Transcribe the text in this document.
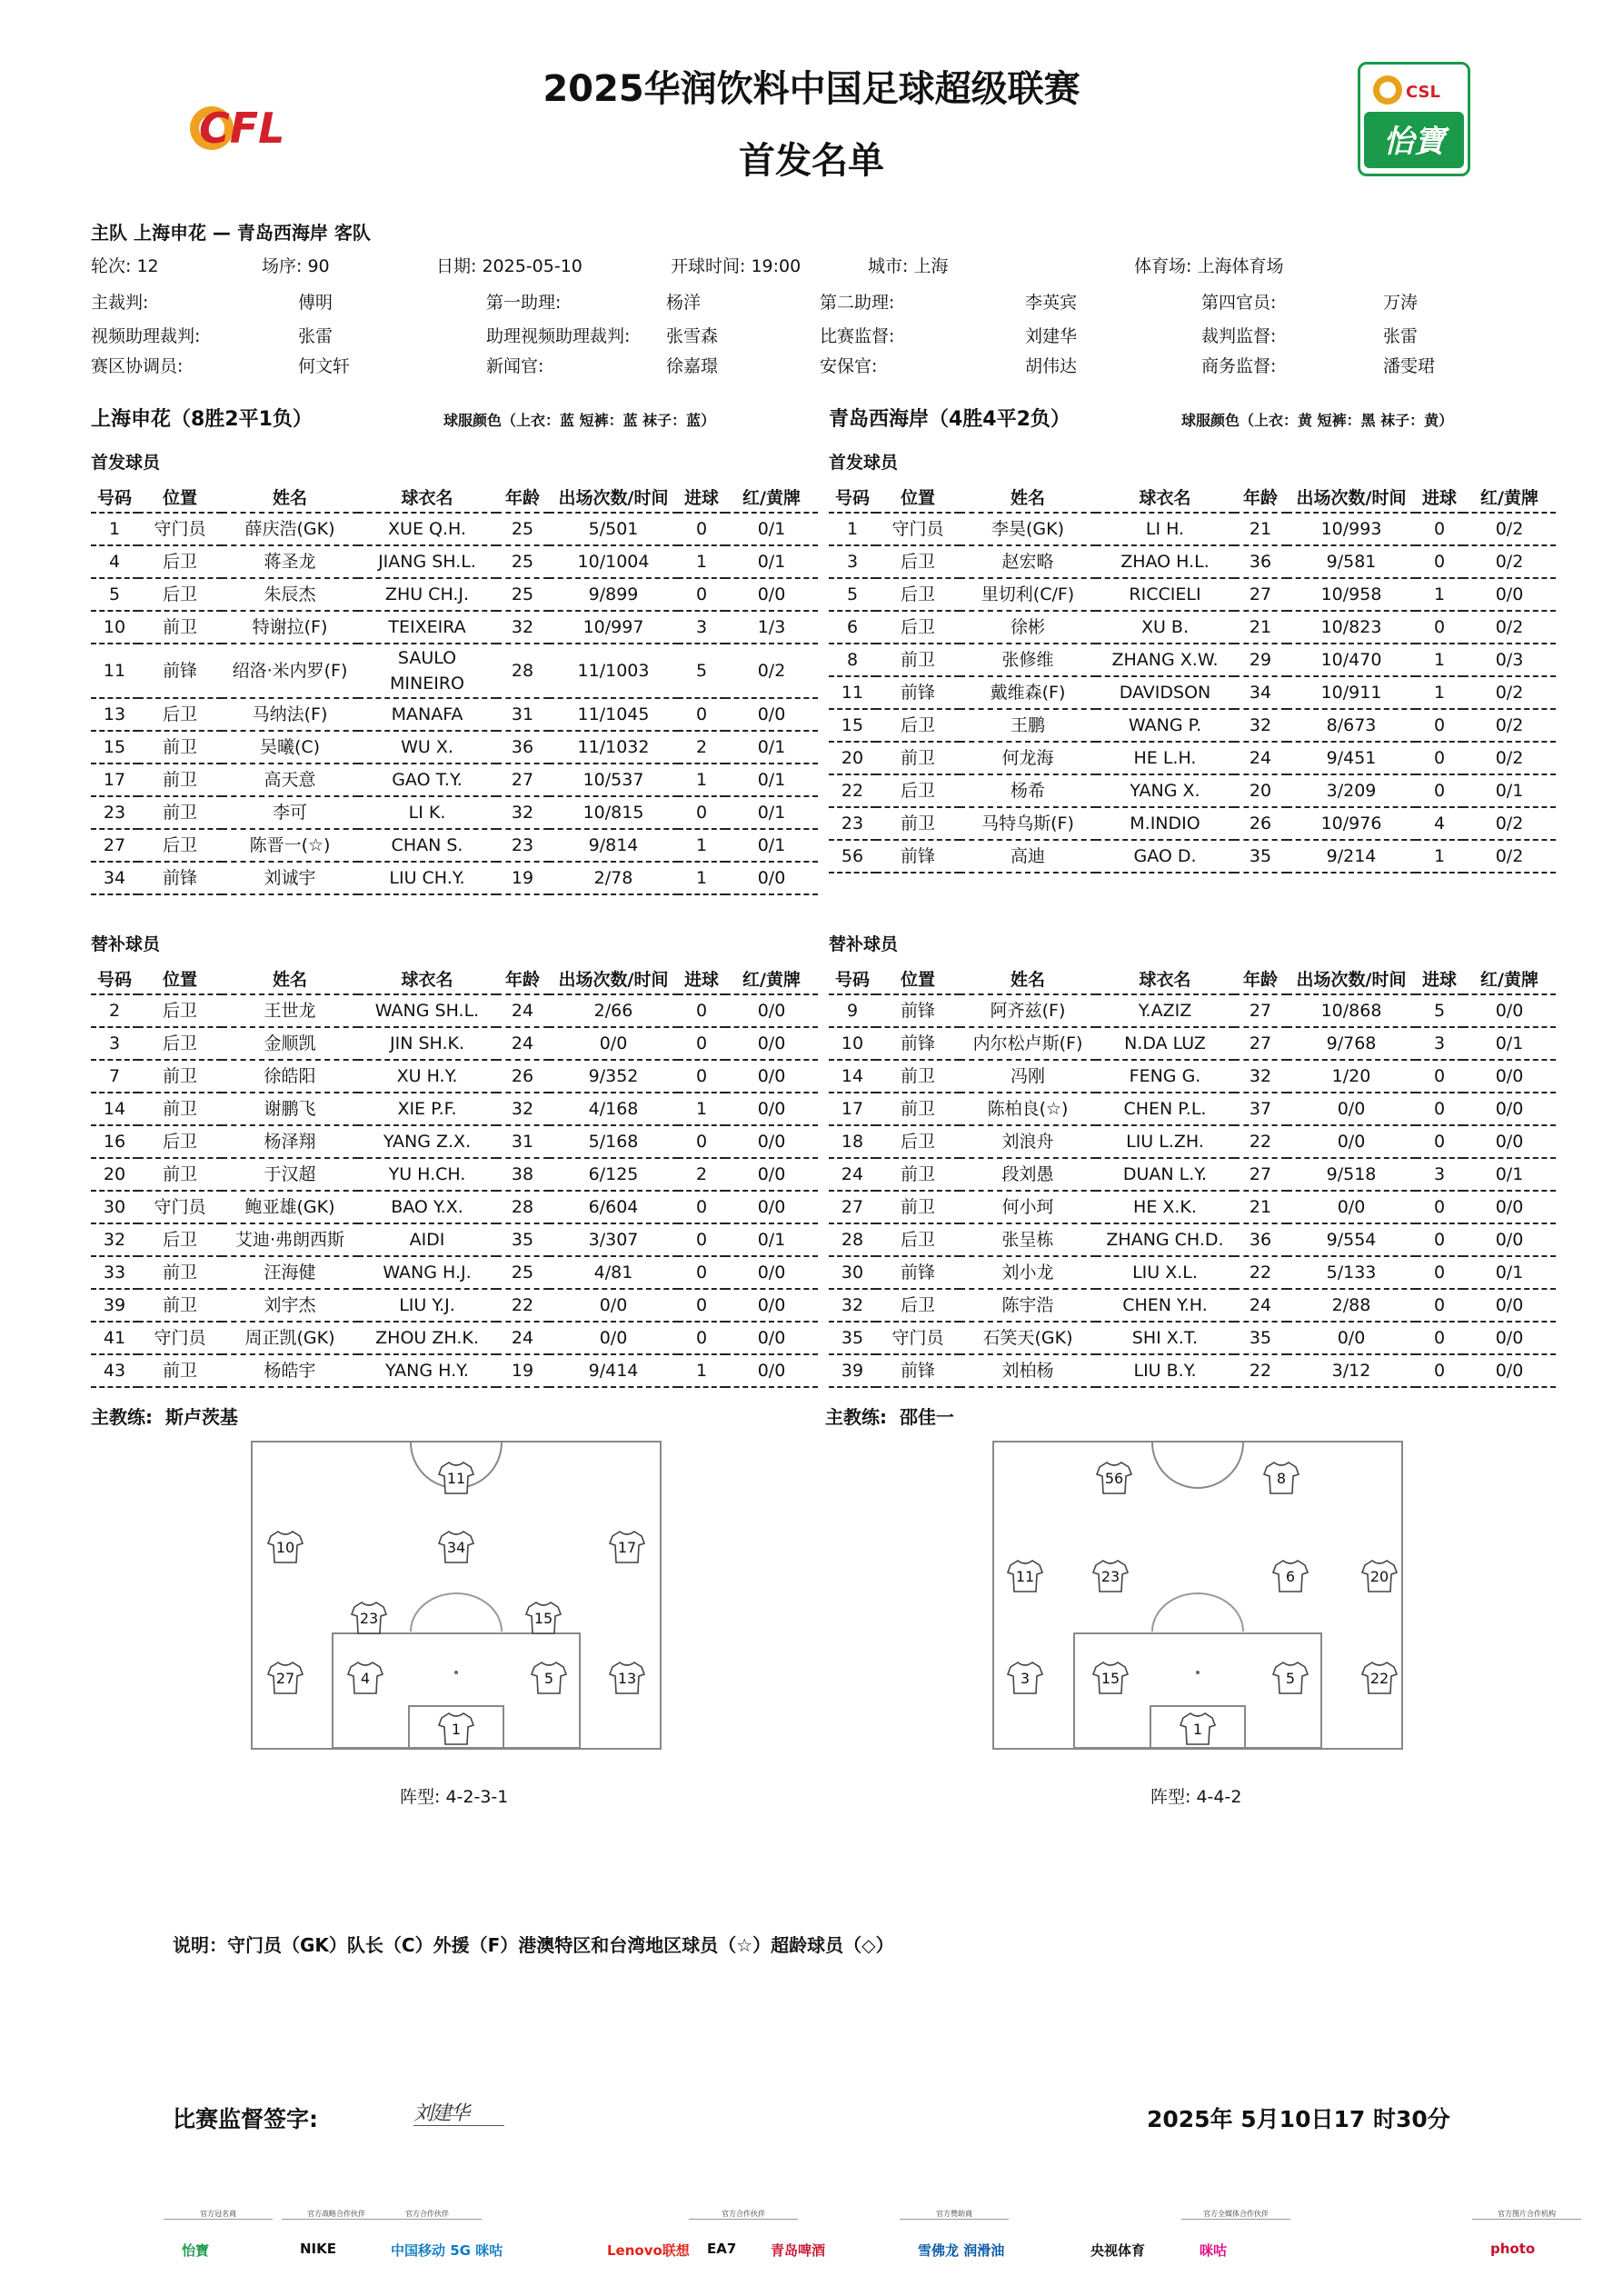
CFL
2025华润饮料中国足球超级联赛
首发名单
CSL
怡寶
主队 上海申花 — 青岛西海岸 客队
轮次: 12	场序: 90	日期: 2025-05-10	开球时间: 19:00	城市: 上海	体育场: 上海体育场
主裁判:	傅明	第一助理:	杨洋	第二助理:	李英宾	第四官员:	万涛
视频助理裁判:	张雷	助理视频助理裁判: 张雪森	比赛监督:	刘建华	裁判监督:	张雷
赛区协调员:	何文轩	新闻官:	徐嘉璟	安保官:	胡伟达	商务监督:	潘雯珺
上海申花（8胜2平1负）	球服颜色（上衣：蓝 短裤：蓝 袜子：蓝）
首发球员
青岛西海岸（4胜4平2负）	球服颜色（上衣：黄 短裤：黑 袜子：黄）
首发球员
号码	位置	姓名	球衣名	年龄	出场次数/时间	进球	红/黄牌
1	守门员	薛庆浩(GK)	XUE Q.H.	25	5/501	0	0/1
4	后卫	蒋圣龙	JIANG SH.L.	25	10/1004	1	0/1
5	后卫	朱辰杰	ZHU CH.J.	25	9/899	0	0/0
10	前卫	特谢拉(F)	TEIXEIRA	32	10/997	3	1/3
11	前锋	绍洛·米内罗(F)	SAULO MINEIRO	28	11/1003	5	0/2
13	后卫	马纳法(F)	MANAFA	31	11/1045	0	0/0
15	前卫	吴曦(C)	WU X.	36	11/1032	2	0/1
17	前卫	高天意	GAO T.Y.	27	10/537	1	0/1
23	前卫	李可	LI K.	32	10/815	0	0/1
27	后卫	陈晋一(☆)	CHAN S.	23	9/814	1	0/1
34	前锋	刘诚宇	LIU CH.Y.	19	2/78	1	0/0
号码	位置	姓名	球衣名	年龄	出场次数/时间	进球	红/黄牌
1	守门员	李昊(GK)	LI H.	21	10/993	0	0/2
3	后卫	赵宏略	ZHAO H.L.	36	9/581	0	0/2
5	后卫	里切利(C/F)	RICCIELI	27	10/958	1	0/0
6	后卫	徐彬	XU B.	21	10/823	0	0/2
8	前卫	张修维	ZHANG X.W.	29	10/470	1	0/3
11	前锋	戴维森(F)	DAVIDSON	34	10/911	1	0/2
15	后卫	王鹏	WANG P.	32	8/673	0	0/2
20	前卫	何龙海	HE L.H.	24	9/451	0	0/2
22	后卫	杨希	YANG X.	20	3/209	0	0/1
23	前卫	马特乌斯(F)	M.INDIO	26	10/976	4	0/2
56	前锋	高迪	GAO D.	35	9/214	1	0/2
替补球员	替补球员
号码	位置	姓名	球衣名	年龄	出场次数/时间	进球	红/黄牌
2	后卫	王世龙	WANG SH.L.	24	2/66	0	0/0
3	后卫	金顺凯	JIN SH.K.	24	0/0	0	0/0
7	前卫	徐皓阳	XU H.Y.	26	9/352	0	0/0
14	前卫	谢鹏飞	XIE P.F.	32	4/168	1	0/0
16	后卫	杨泽翔	YANG Z.X.	31	5/168	0	0/0
20	前卫	于汉超	YU H.CH.	38	6/125	2	0/0
30	守门员	鲍亚雄(GK)	BAO Y.X.	28	6/604	0	0/0
32	后卫	艾迪·弗朗西斯	AIDI	35	3/307	0	0/1
33	前卫	汪海健	WANG H.J.	25	4/81	0	0/0
39	前卫	刘宇杰	LIU Y.J.	22	0/0	0	0/0
41	守门员	周正凯(GK)	ZHOU ZH.K.	24	0/0	0	0/0
43	前卫	杨皓宇	YANG H.Y.	19	9/414	1	0/0
号码	位置	姓名	球衣名	年龄	出场次数/时间	进球	红/黄牌
9	前锋	阿齐兹(F)	Y.AZIZ	27	10/868	5	0/0
10	前锋	内尔松卢斯(F)	N.DA LUZ	27	9/768	3	0/1
14	前卫	冯刚	FENG G.	32	1/20	0	0/0
17	前卫	陈柏良(☆)	CHEN P.L.	37	0/0	0	0/0
18	后卫	刘浪舟	LIU L.ZH.	22	0/0	0	0/0
24	前卫	段刘愚	DUAN L.Y.	27	9/518	3	0/1
27	前卫	何小珂	HE X.K.	21	0/0	0	0/0
28	后卫	张呈栋	ZHANG CH.D.	36	9/554	0	0/0
30	前锋	刘小龙	LIU X.L.	22	5/133	0	0/1
32	后卫	陈宇浩	CHEN Y.H.	24	2/88	0	0/0
35	守门员	石笑天(GK)	SHI X.T.	35	0/0	0	0/0
39	前锋	刘柏杨	LIU B.Y.	22	3/12	0	0/0
主教练: 斯卢茨基	主教练: 邵佳一
11
10	34	17
23	15
27	4	5	13
1
56	8
11	23	6	20
3	15	5	22
1
阵型: 4-2-3-1	阵型: 4-4-2
说明：守门员（GK）队长（C）外援（F）港澳特区和台湾地区球员（☆）超龄球员（◇）
比赛监督签字:	刘建华	2025年 5月10日17 时30分
官方冠名商
怡寶
官方战略合作伙伴
NIKE
官方合作伙伴
中国移动 5G 咪咕	Lenovo联想
官方合作伙伴
EA7	青岛啤酒
官方赞助商
雪佛龙 润滑油	央视体育
官方全媒体合作伙伴
咪咕
官方图片合作机构
photo
